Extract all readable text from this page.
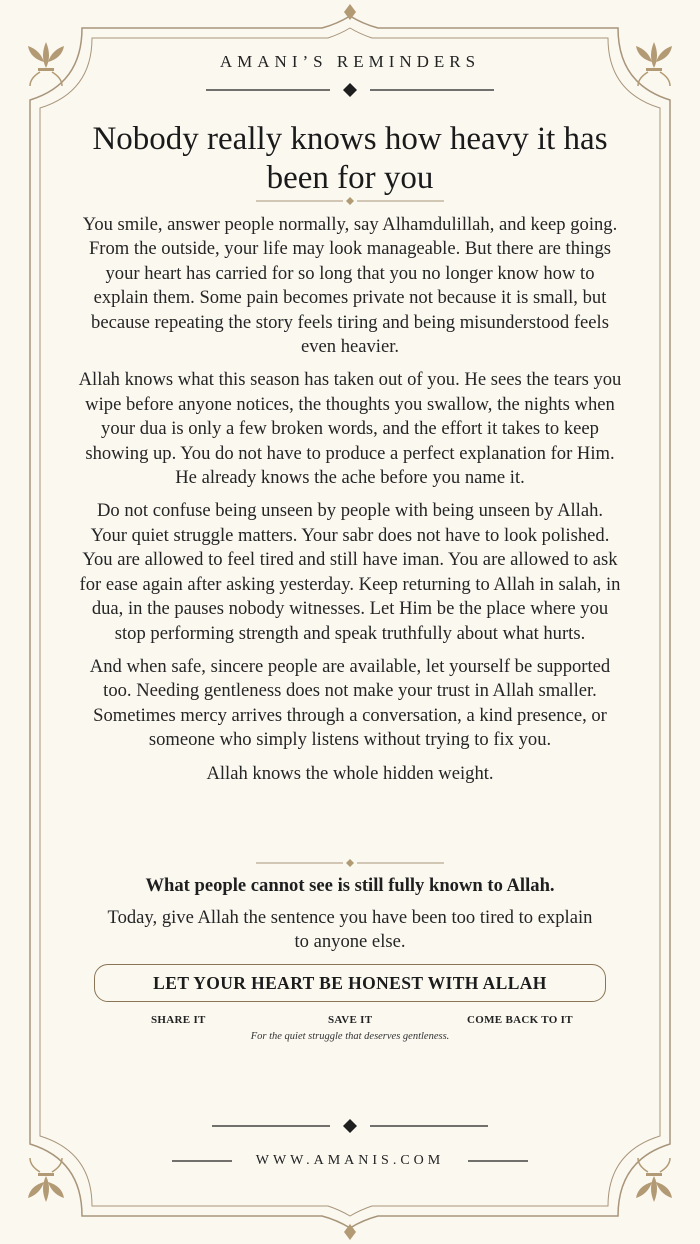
AMANI’S REMINDERS
Nobody really knows how heavy it has been for you

You smile, answer people normally, say Alhamdulillah, and keep going. From the outside, your life may look manageable. But there are things your heart has carried for so long that you no longer know how to explain them. Some pain becomes private not because it is small, but because repeating the story feels tiring and being misunderstood feels even heavier.

Allah knows what this season has taken out of you. He sees the tears you wipe before anyone notices, the thoughts you swallow, the nights when your dua is only a few broken words, and the effort it takes to keep showing up. You do not have to produce a perfect explanation for Him. He already knows the ache before you name it.

Do not confuse being unseen by people with being unseen by Allah. Your quiet struggle matters. Your sabr does not have to look polished. You are allowed to feel tired and still have iman. You are allowed to ask for ease again after asking yesterday. Keep returning to Allah in salah, in dua, in the pauses nobody witnesses. Let Him be the place where you stop performing strength and speak truthfully about what hurts.

And when safe, sincere people are available, let yourself be supported too. Needing gentleness does not make your trust in Allah smaller. Sometimes mercy arrives through a conversation, a kind presence, or someone who simply listens without trying to fix you.

Allah knows the whole hidden weight.

What people cannot see is still fully known to Allah.
Today, give Allah the sentence you have been too tired to explain to anyone else.
LET YOUR HEART BE HONEST WITH ALLAH
SHARE IT	SAVE IT	COME BACK TO IT
For the quiet struggle that deserves gentleness.
WWW.AMANIS.COM
